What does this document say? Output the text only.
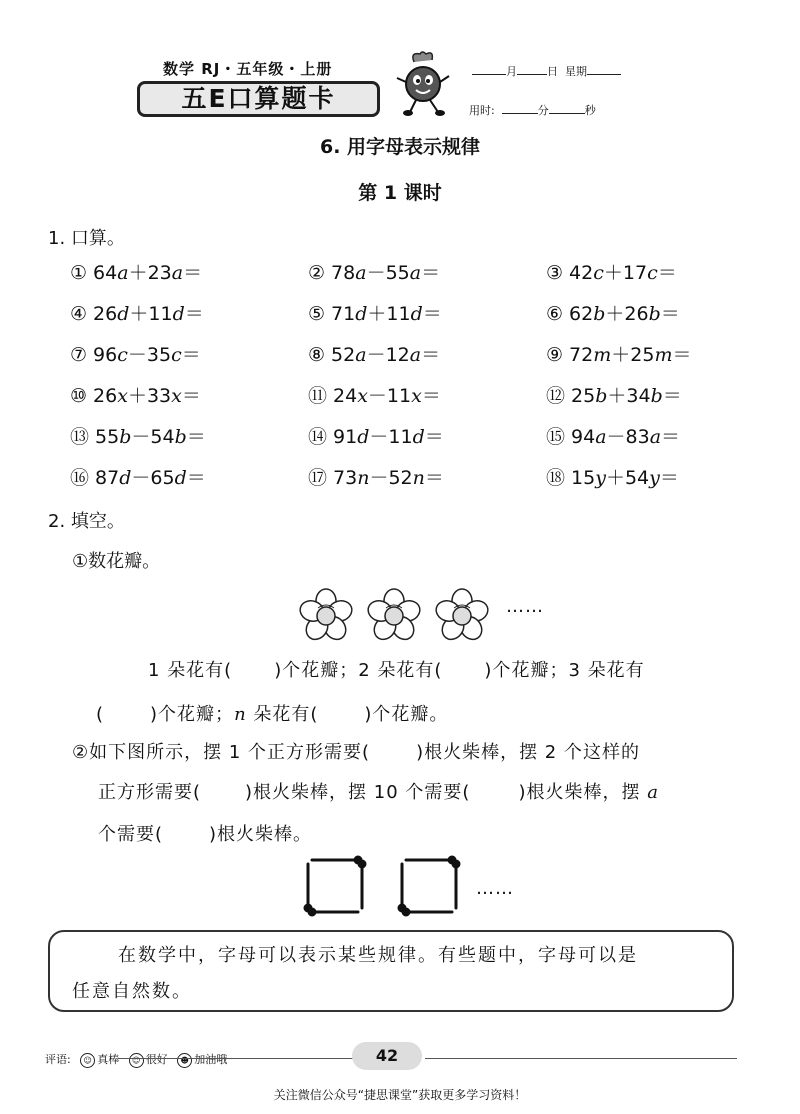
数学 RJ・五年级・上册
五E口算题卡
月	日 星期
用时:	分	秒
6. 用字母表示规律
第 1 课时
1. 口算。
① 64a＋23a＝	② 78a－55a＝	③ 42c＋17c＝
④ 26d＋11d＝	⑤ 71d＋11d＝	⑥ 62b＋26b＝
⑦ 96c－35c＝	⑧ 52a－12a＝	⑨ 72m＋25m＝
⑩ 26x＋33x＝	⑪ 24x－11x＝	⑫ 25b＋34b＝
⑬ 55b－54b＝	⑭ 91d－11d＝	⑮ 94a－83a＝
⑯ 87d－65d＝	⑰ 73n－52n＝	⑱ 15y＋54y＝
2. 填空。
①数花瓣。
……
1 朵花有( )个花瓣；2 朵花有( )个花瓣；3 朵花有
(	)个花瓣；n 朵花有(	)个花瓣。
②如下图所示，摆 1 个正方形需要(	)根火柴棒，摆 2 个这样的
正方形需要( )根火柴棒，摆 10 个需要(	)根火柴棒，摆 a
个需要(	)根火柴棒。
……
在数学中，字母可以表示某些规律。有些题中，字母可以是
任意自然数。
评语: ☺ 真棒 ☺ 很好 ☻ 加油哦	42
关注微信公众号“捷思课堂”获取更多学习资料！
